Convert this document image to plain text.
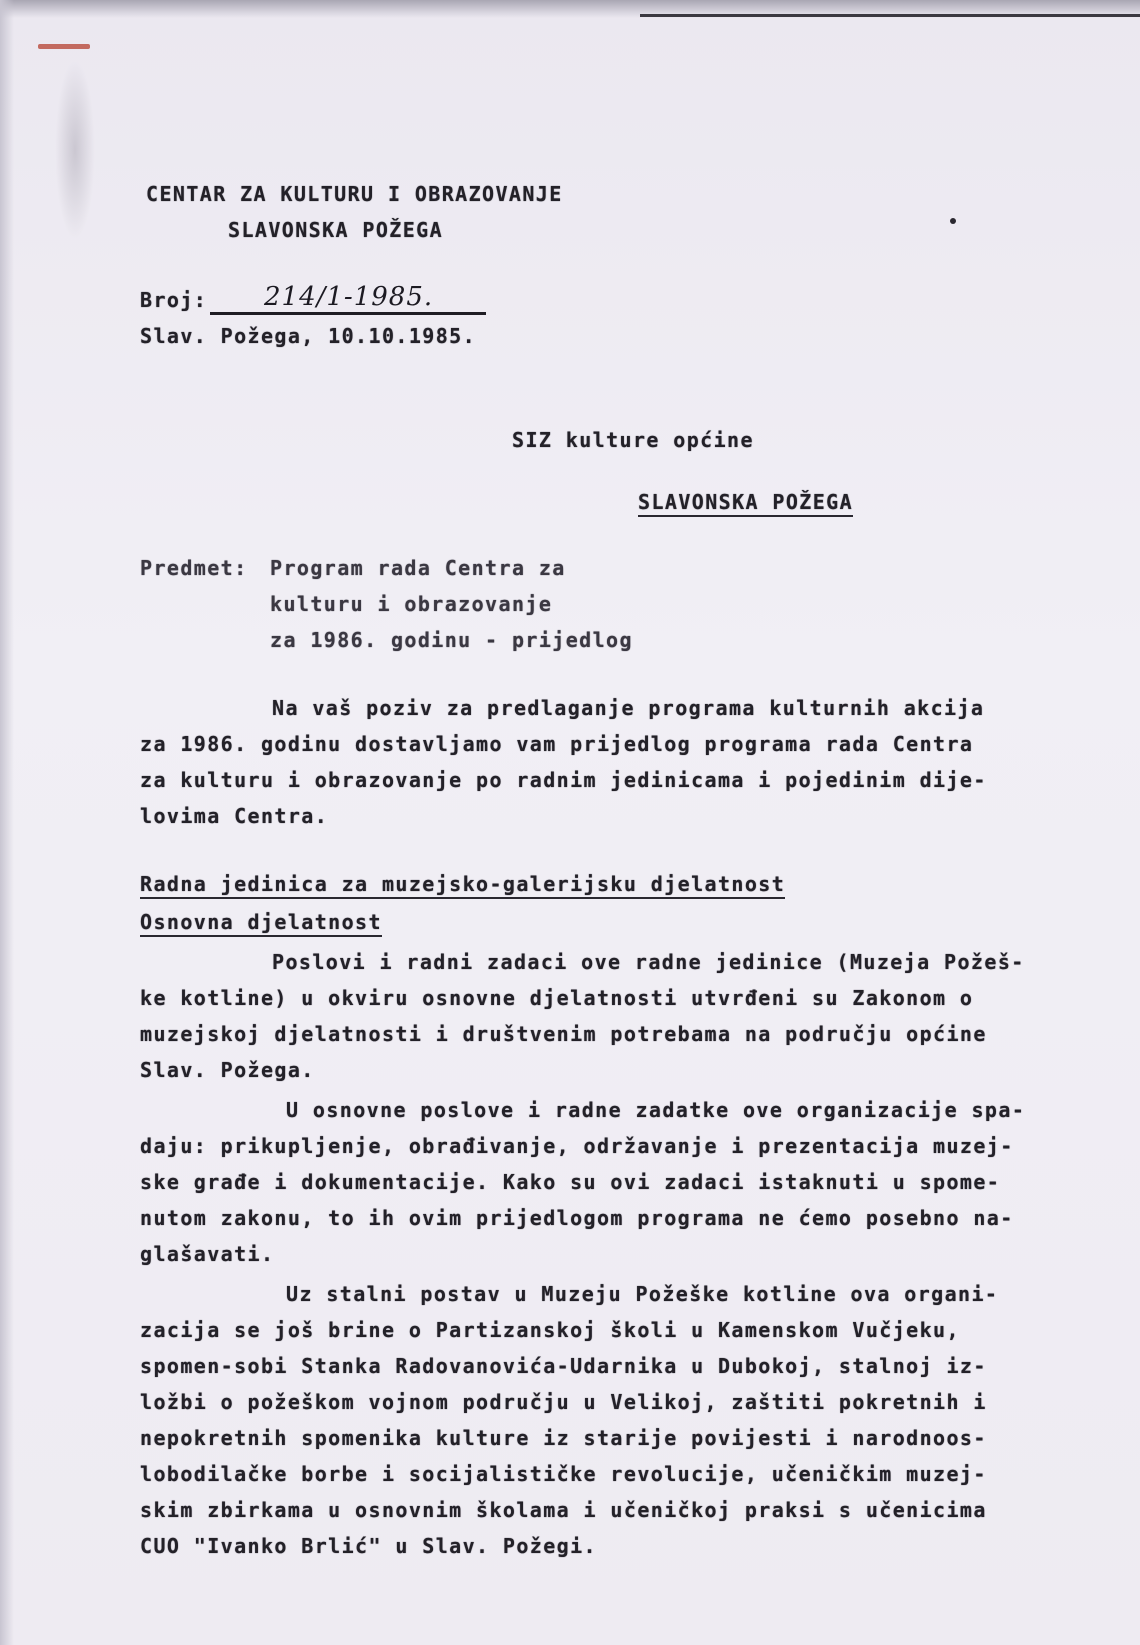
CENTAR ZA KULTURU I OBRAZOVANJE
SLAVONSKA POŽEGA
Broj: 214/1-1985.
Slav. Požega, 10.10.1985.
SIZ kulture općine
SLAVONSKA POŽEGA
Predmet: Program rada Centra za
kulturu i obrazovanje
za 1986. godinu - prijedlog
Na vaš poziv za predlaganje programa kulturnih akcija
za 1986. godinu dostavljamo vam prijedlog programa rada Centra
za kulturu i obrazovanje po radnim jedinicama i pojedinim dije-
lovima Centra.
Radna jedinica za muzejsko-galerijsku djelatnost
Osnovna djelatnost
Poslovi i radni zadaci ove radne jedinice (Muzeja Požeš-
ke kotline) u okviru osnovne djelatnosti utvrđeni su Zakonom o
muzejskoj djelatnosti i društvenim potrebama na području općine
Slav. Požega.
U osnovne poslove i radne zadatke ove organizacije spa-
daju: prikupljenje, obrađivanje, održavanje i prezentacija muzej-
ske građe i dokumentacije. Kako su ovi zadaci istaknuti u spome-
nutom zakonu, to ih ovim prijedlogom programa ne ćemo posebno na-
glašavati.
Uz stalni postav u Muzeju Požeške kotline ova organi-
zacija se još brine o Partizanskoj školi u Kamenskom Vučjeku,
spomen-sobi Stanka Radovanovića-Udarnika u Dubokoj, stalnoj iz-
ložbi o požeškom vojnom području u Velikoj, zaštiti pokretnih i
nepokretnih spomenika kulture iz starije povijesti i narodnoos-
lobodilačke borbe i socijalističke revolucije, učeničkim muzej-
skim zbirkama u osnovnim školama i učeničkoj praksi s učenicima
CUO "Ivanko Brlić" u Slav. Požegi.
